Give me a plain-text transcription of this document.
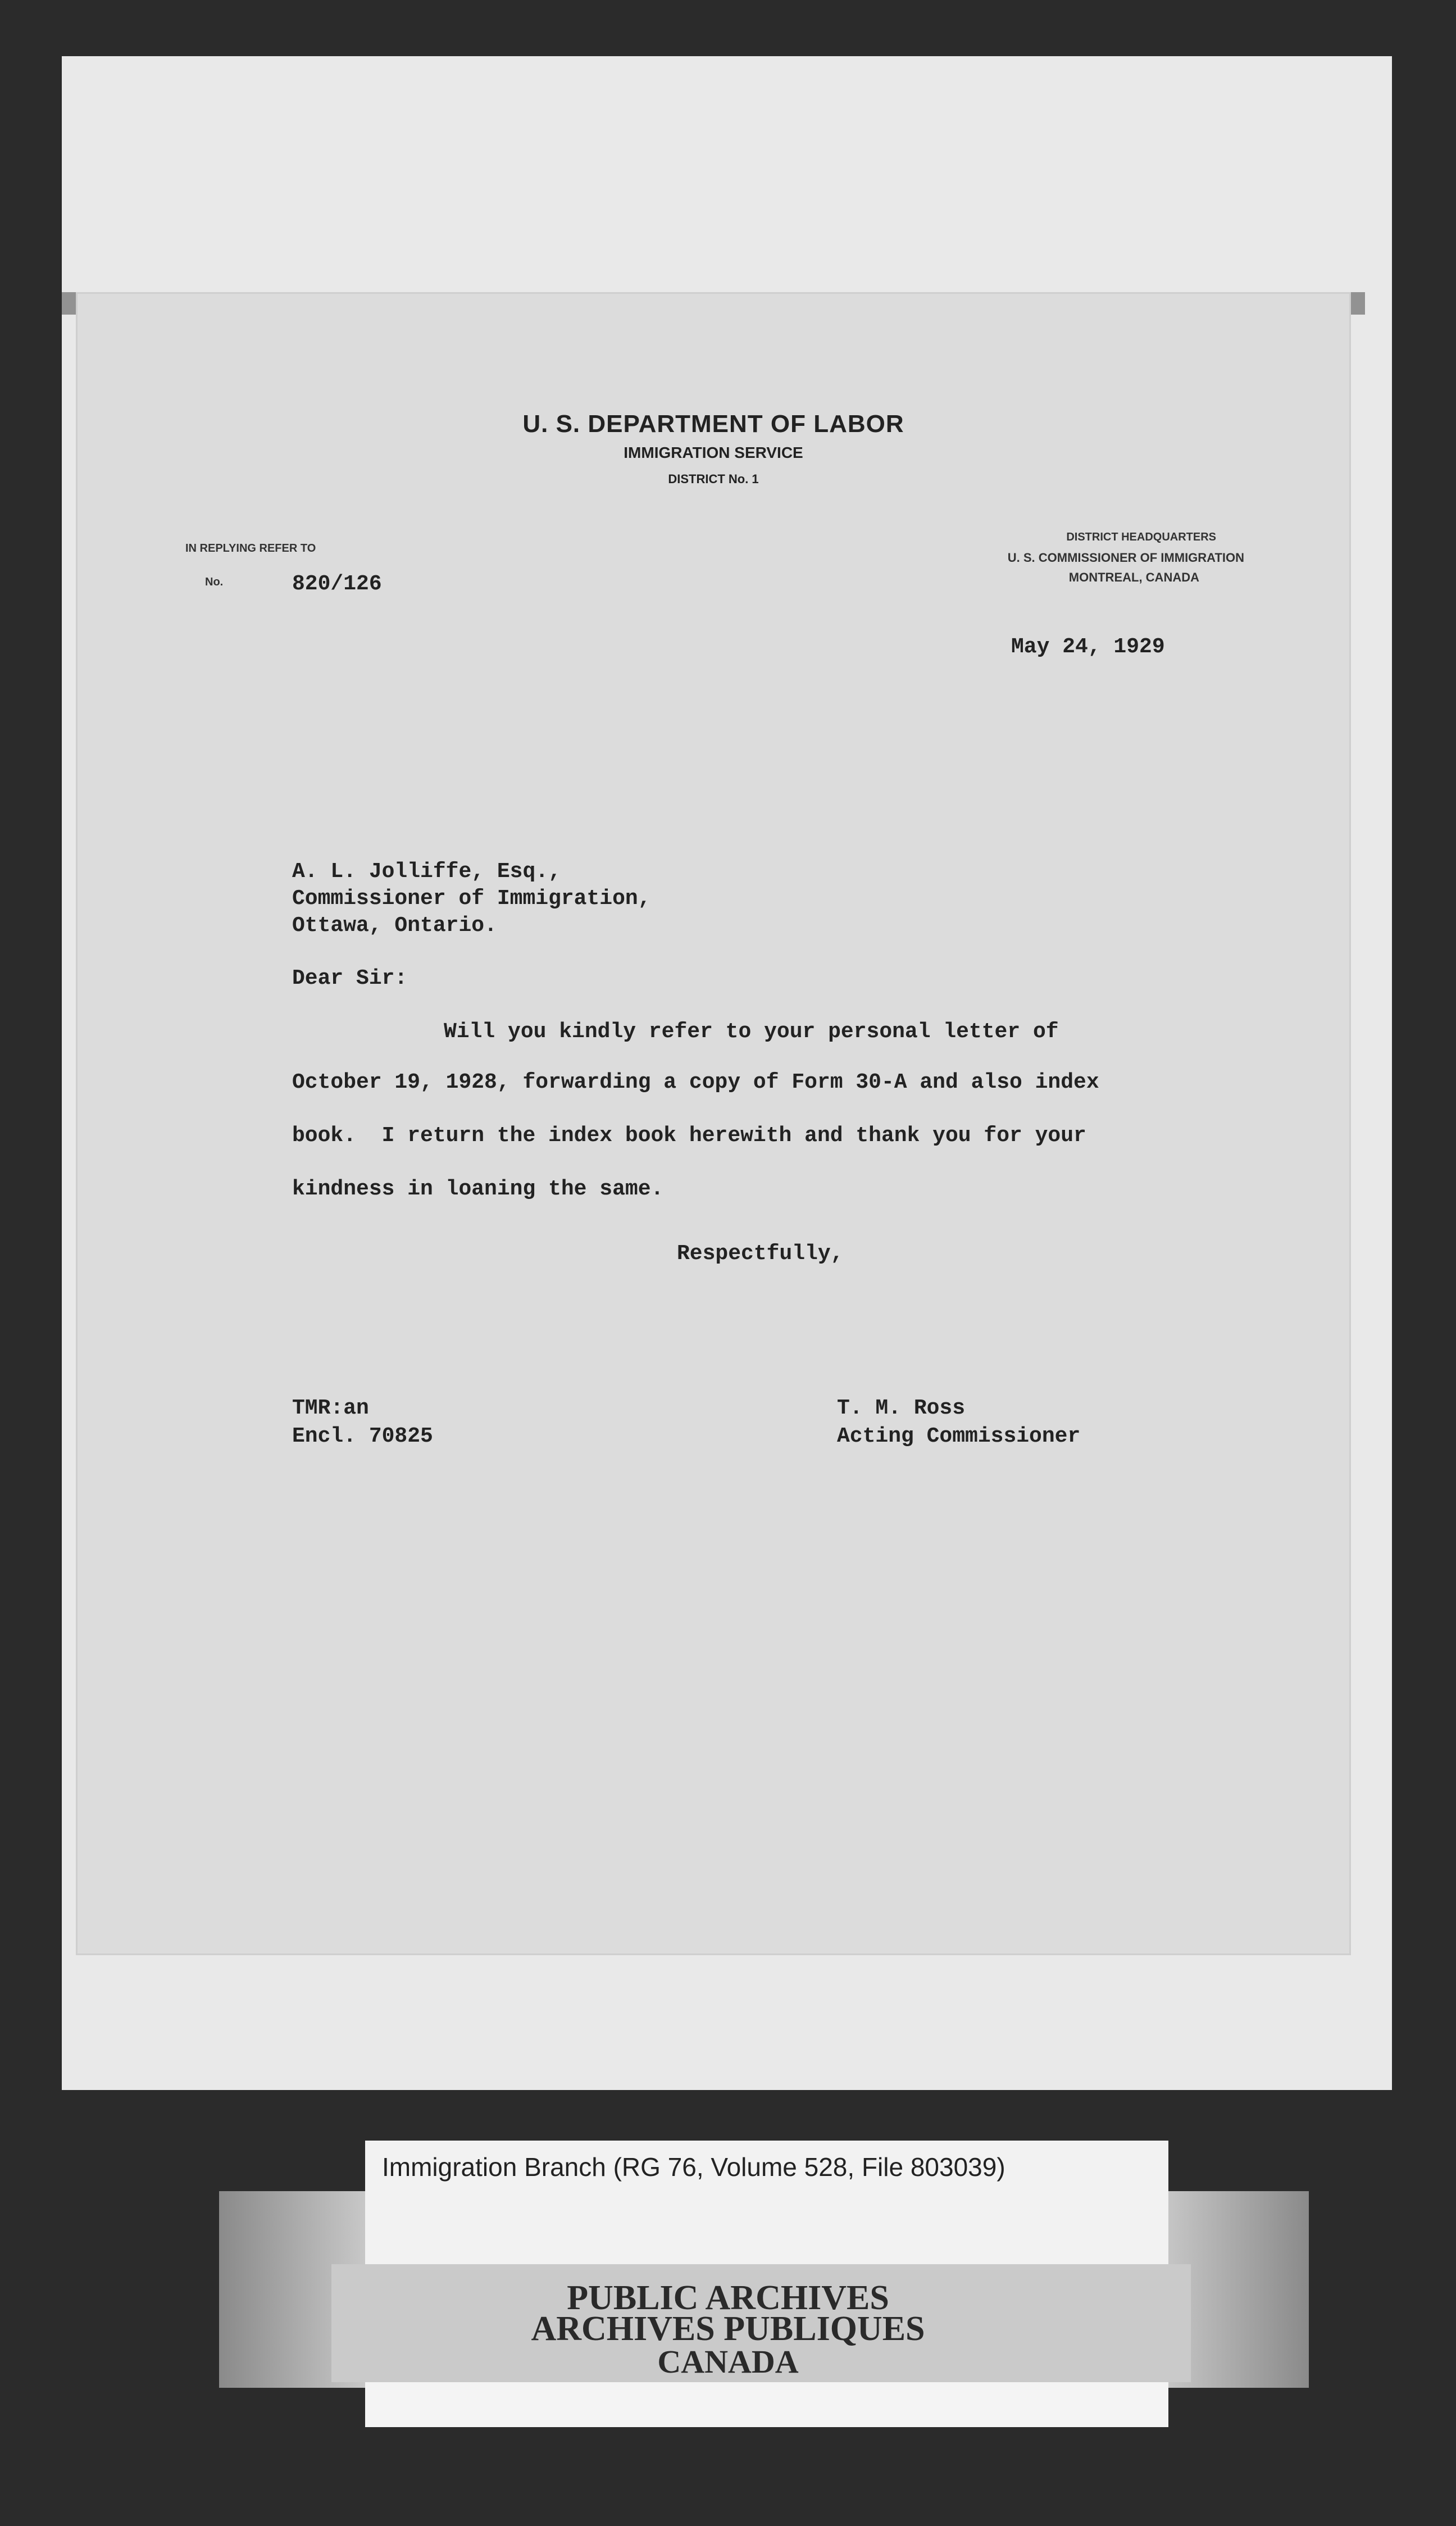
U. S. DEPARTMENT OF LABOR
IMMIGRATION SERVICE
DISTRICT No. 1
IN REPLYING REFER TO
No.	820/126
DISTRICT HEADQUARTERS
U. S. COMMISSIONER OF IMMIGRATION
MONTREAL, CANADA
May 24, 1929
A. L. Jolliffe, Esq.,
Commissioner of Immigration,
Ottawa, Ontario.
Dear Sir:
Will you kindly refer to your personal letter of
October 19, 1928, forwarding a copy of Form 30-A and also index
book.  I return the index book herewith and thank you for your
kindness in loaning the same.
Respectfully,
TMR:an
Encl. 70825
T. M. Ross
Acting Commissioner
Immigration Branch (RG 76, Volume 528, File 803039)
PUBLIC ARCHIVES
ARCHIVES PUBLIQUES
CANADA
